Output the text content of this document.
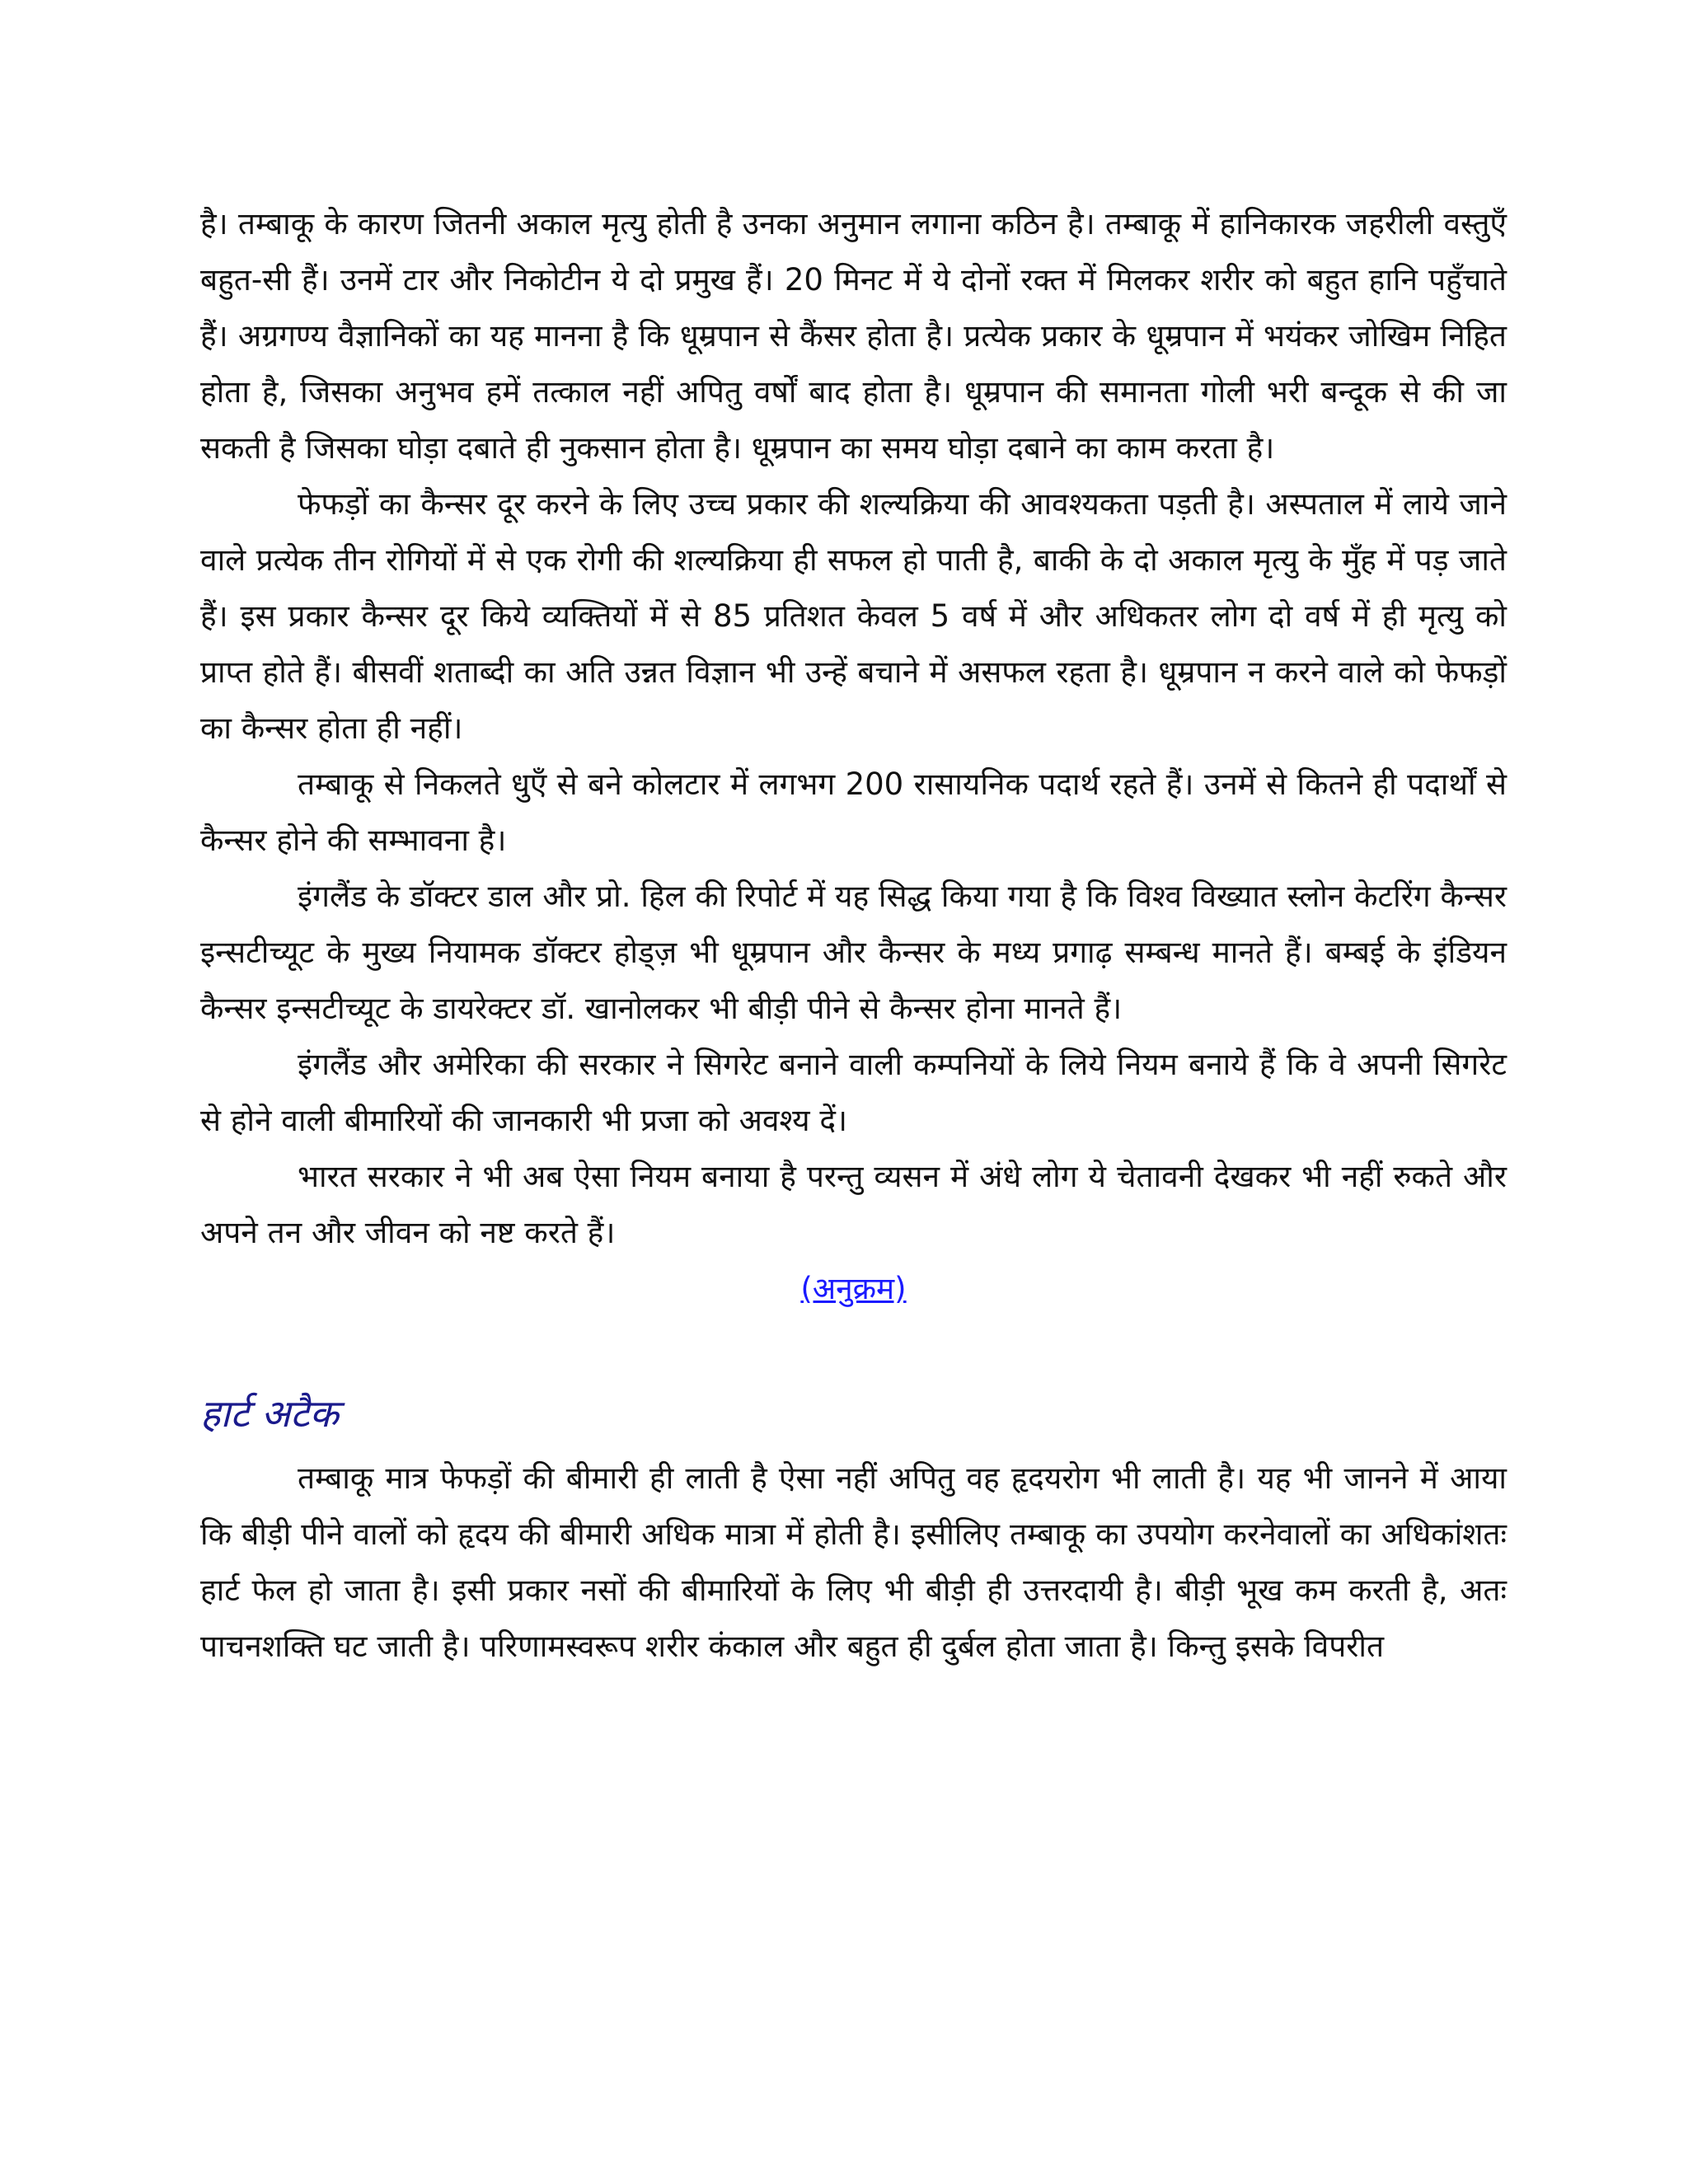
है। तम्बाकू के कारण जितनी अकाल मृत्यु होती है उनका अनुमान लगाना कठिन है। तम्बाकू में हानिकारक जहरीली वस्तुएँ बहुत-सी हैं। उनमें टार और निकोटीन ये दो प्रमुख हैं। 20 मिनट में ये दोनों रक्त में मिलकर शरीर को बहुत हानि पहुँचाते हैं। अग्रगण्य वैज्ञानिकों का यह मानना है कि धूम्रपान से कैंसर होता है। प्रत्येक प्रकार के धूम्रपान में भयंकर जोखिम निहित होता है, जिसका अनुभव हमें तत्काल नहीं अपितु वर्षों बाद होता है। धूम्रपान की समानता गोली भरी बन्दूक से की जा सकती है जिसका घोड़ा दबाते ही नुकसान होता है। धूम्रपान का समय घोड़ा दबाने का काम करता है।

फेफड़ों का कैन्सर दूर करने के लिए उच्च प्रकार की शल्यक्रिया की आवश्यकता पड़ती है। अस्पताल में लाये जाने वाले प्रत्येक तीन रोगियों में से एक रोगी की शल्यक्रिया ही सफल हो पाती है, बाकी के दो अकाल मृत्यु के मुँह में पड़ जाते हैं। इस प्रकार कैन्सर दूर किये व्यक्तियों में से 85 प्रतिशत केवल 5 वर्ष में और अधिकतर लोग दो वर्ष में ही मृत्यु को प्राप्त होते हैं। बीसवीं शताब्दी का अति उन्नत विज्ञान भी उन्हें बचाने में असफल रहता है। धूम्रपान न करने वाले को फेफड़ों का कैन्सर होता ही नहीं।

तम्बाकू से निकलते धुएँ से बने कोलटार में लगभग 200 रासायनिक पदार्थ रहते हैं। उनमें से कितने ही पदार्थों से कैन्सर होने की सम्भावना है।

इंगलैंड के डॉक्टर डाल और प्रो. हिल की रिपोर्ट में यह सिद्ध किया गया है कि विश्व विख्यात स्लोन केटरिंग कैन्सर इन्सटीच्यूट के मुख्य नियामक डॉक्टर होड्ज़ भी धूम्रपान और कैन्सर के मध्य प्रगाढ़ सम्बन्ध मानते हैं। बम्बई के इंडियन कैन्सर इन्सटीच्यूट के डायरेक्टर डॉ. खानोलकर भी बीड़ी पीने से कैन्सर होना मानते हैं।

इंगलैंड और अमेरिका की सरकार ने सिगरेट बनाने वाली कम्पनियों के लिये नियम बनाये हैं कि वे अपनी सिगरेट से होने वाली बीमारियों की जानकारी भी प्रजा को अवश्य दें।

भारत सरकार ने भी अब ऐसा नियम बनाया है परन्तु व्यसन में अंधे लोग ये चेतावनी देखकर भी नहीं रुकते और अपने तन और जीवन को नष्ट करते हैं।

(अनुक्रम)

हार्ट अटैक

तम्बाकू मात्र फेफड़ों की बीमारी ही लाती है ऐसा नहीं अपितु वह हृदयरोग भी लाती है। यह भी जानने में आया कि बीड़ी पीने वालों को हृदय की बीमारी अधिक मात्रा में होती है। इसीलिए तम्बाकू का उपयोग करनेवालों का अधिकांशतः हार्ट फेल हो जाता है। इसी प्रकार नसों की बीमारियों के लिए भी बीड़ी ही उत्तरदायी है। बीड़ी भूख कम करती है, अतः पाचनशक्ति घट जाती है। परिणामस्वरूप शरीर कंकाल और बहुत ही दुर्बल होता जाता है। किन्तु इसके विपरीत
